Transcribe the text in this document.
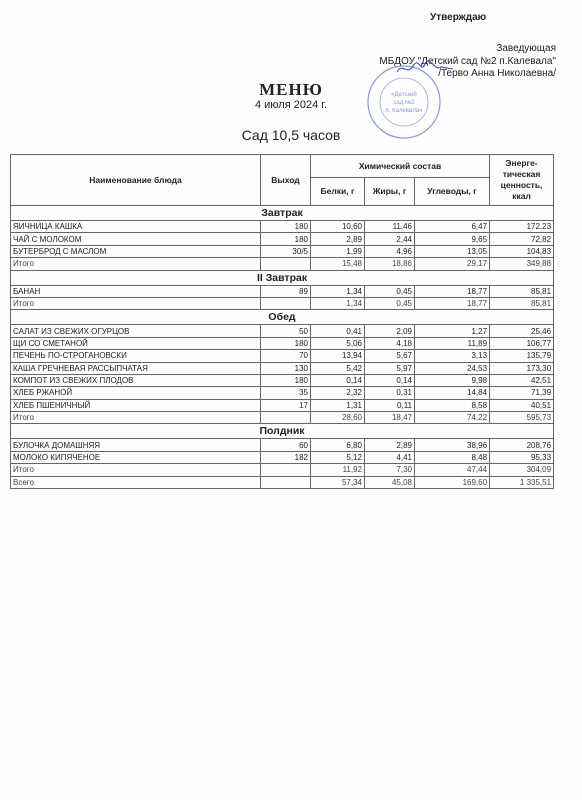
Утверждаю
Заведующая
МБДОУ "Детский сад №2 п.Калевала"
/Терво Анна Николаевна/
«Детский
сад №2
п. Калевала»
МЕНЮ
4 июля 2024 г.
Сад 10,5 часов
Наименование блюда	Выход	Химический состав			Энерге-тическая ценность, ккал
		Белки, г	Жиры, г	Углеводы, г	
Завтрак					
ЯИЧНИЦА КАШКА	180	10,60	11,46	6,47	172,23
ЧАЙ С МОЛОКОМ	180	2,89	2,44	9,65	72,82
БУТЕРБРОД С МАСЛОМ	30/5	1,99	4,96	13,05	104,83
Итого		15,48	18,86	29,17	349,88
II Завтрак					
БАНАН	89	1,34	0,45	18,77	85,81
Итого		1,34	0,45	18,77	85,81
Обед					
САЛАТ ИЗ СВЕЖИХ ОГУРЦОВ	50	0,41	2,09	1,27	25,46
ЩИ СО СМЕТАНОЙ	180	5,06	4,18	11,89	106,77
ПЕЧЕНЬ ПО-СТРОГАНОВСКИ	70	13,94	5,67	3,13	135,79
КАША ГРЕЧНЕВАЯ РАССЫПЧАТАЯ	130	5,42	5,97	24,53	173,30
КОМПОТ ИЗ СВЕЖИХ ПЛОДОВ	180	0,14	0,14	9,98	42,51
ХЛЕБ РЖАНОЙ	35	2,32	0,31	14,84	71,39
ХЛЕБ ПШЕНИЧНЫЙ	17	1,31	0,11	8,58	40,51
Итого		28,60	18,47	74,22	595,73
Полдник					
БУЛОЧКА ДОМАШНЯЯ	60	6,80	2,89	38,96	208,76
МОЛОКО КИПЯЧЕНОЕ	182	5,12	4,41	8,48	95,33
Итого		11,92	7,30	47,44	304,09
Всего		57,34	45,08	169,60	1 335,51
